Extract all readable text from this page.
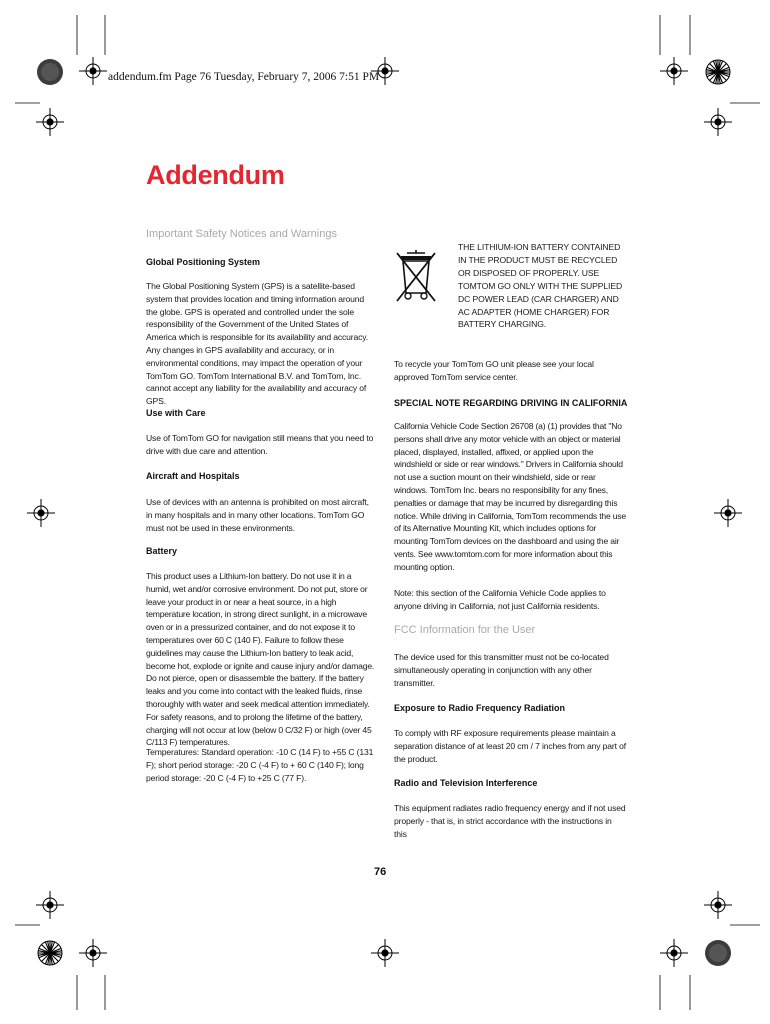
addendum.fm Page 76 Tuesday, February 7, 2006 7:51 PM
Addendum
Important Safety Notices and Warnings
Global Positioning System
The Global Positioning System (GPS) is a satellite-based system that provides location and timing information around the globe. GPS is operated and controlled under the sole responsibility of the Government of the United States of America which is responsible for its availability and accuracy. Any changes in GPS availability and accuracy, or in environmental conditions, may impact the operation of your TomTom GO. TomTom International B.V. and TomTom, Inc. cannot accept any liability for the availability and accuracy of GPS.
Use with Care
Use of TomTom GO for navigation still means that you need to drive with due care and attention.
Aircraft and Hospitals
Use of devices with an antenna is prohibited on most aircraft, in many hospitals and in many other locations. TomTom GO must not be used in these environments.
Battery
This product uses a Lithium-Ion battery. Do not use it in a humid, wet and/or corrosive environment. Do not put, store or leave your product in or near a heat source, in a high temperature location, in strong direct sunlight, in a microwave oven or in a pressurized container, and do not expose it to temperatures over 60 C (140 F). Failure to follow these guidelines may cause the Lithium-Ion battery to leak acid, become hot, explode or ignite and cause injury and/or damage. Do not pierce, open or disassemble the battery. If the battery leaks and you come into contact with the leaked fluids, rinse thoroughly with water and seek medical attention immediately. For safety reasons, and to prolong the lifetime of the battery, charging will not occur at low (below 0 C/32 F) or high (over 45 C/113 F) temperatures.
Temperatures: Standard operation: -10 C (14 F) to +55 C (131 F); short period storage: -20 C (-4 F) to + 60 C (140 F); long period storage: -20 C (-4 F) to +25 C (77 F).
THE LITHIUM-ION BATTERY CONTAINED IN THE PRODUCT MUST BE RECYCLED OR DISPOSED OF PROPERLY. USE TOMTOM GO ONLY WITH THE SUPPLIED DC POWER LEAD (CAR CHARGER) AND AC ADAPTER (HOME CHARGER) FOR BATTERY CHARGING.
To recycle your TomTom GO unit please see your local approved TomTom service center.
SPECIAL NOTE REGARDING DRIVING IN CALIFORNIA
California Vehicle Code Section 26708 (a) (1) provides that "No persons shall drive any motor vehicle with an object or material placed, displayed, installed, affixed, or applied upon the windshield or side or rear windows." Drivers in California should not use a suction mount on their windshield, side or rear windows. TomTom Inc. bears no responsibility for any fines, penalties or damage that may be incurred by disregarding this notice. While driving in California, TomTom recommends the use of its Alternative Mounting Kit, which includes options for mounting TomTom devices on the dashboard and using the air vents. See www.tomtom.com for more information about this mounting option.
Note: this section of the California Vehicle Code applies to anyone driving in California, not just California residents.
FCC Information for the User
The device used for this transmitter must not be co-located simultaneously operating in conjunction with any other transmitter.
Exposure to Radio Frequency Radiation
To comply with RF exposure requirements please maintain a separation distance of at least 20 cm / 7 inches from any part of the product.
Radio and Television Interference
This equipment radiates radio frequency energy and if not used properly - that is, in strict accordance with the instructions in this
76
